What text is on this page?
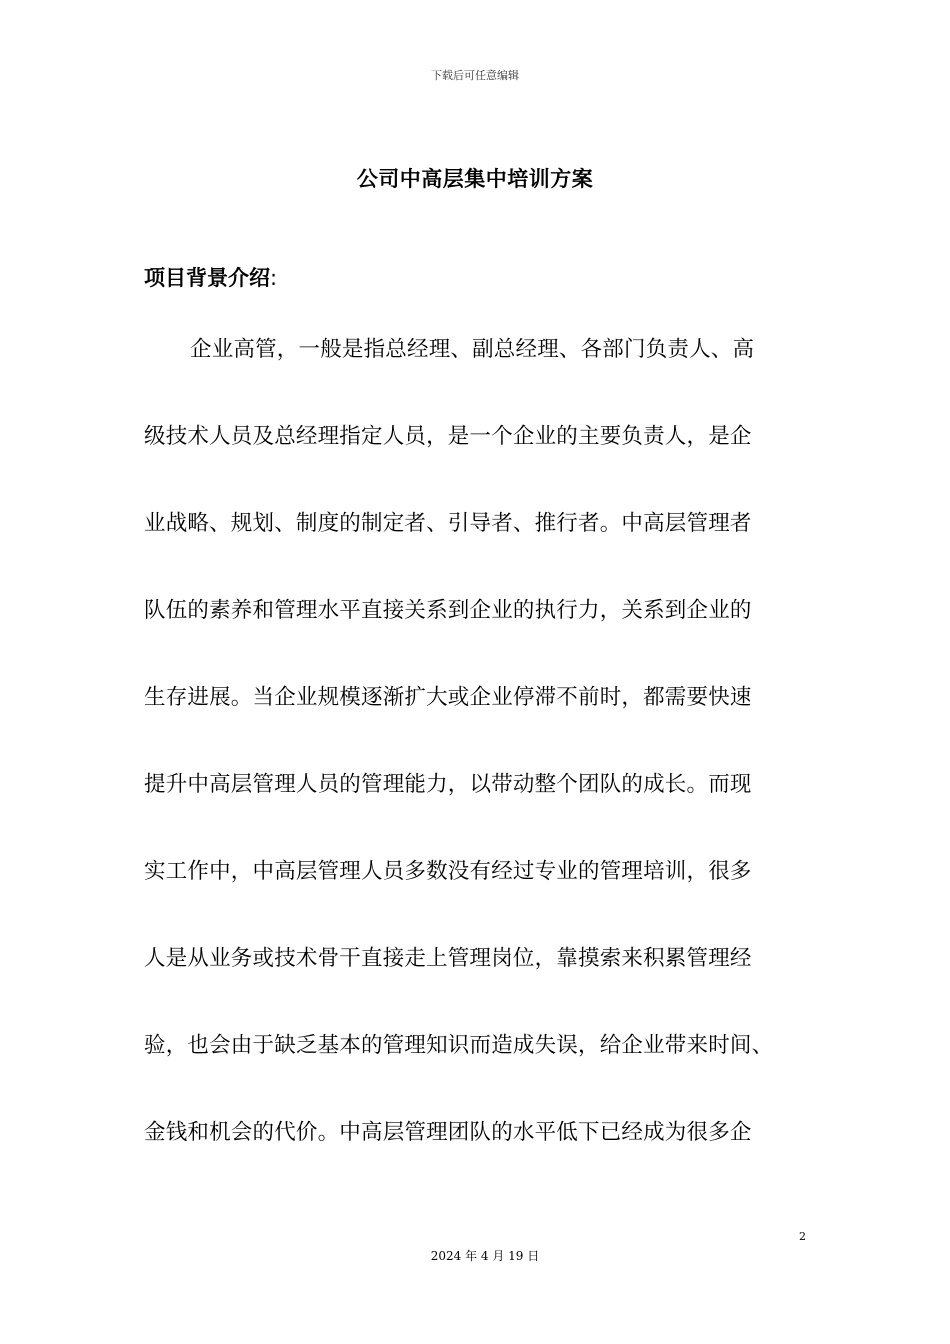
下载后可任意编辑
公司中高层集中培训方案
项目背景介绍:
企业高管，一般是指总经理、副总经理、各部门负责人、高
级技术人员及总经理指定人员，是一个企业的主要负责人，是企
业战略、规划、制度的制定者、引导者、推行者。中高层管理者
队伍的素养和管理水平直接关系到企业的执行力，关系到企业的
生存进展。当企业规模逐渐扩大或企业停滞不前时，都需要快速
提升中高层管理人员的管理能力，以带动整个团队的成长。而现
实工作中，中高层管理人员多数没有经过专业的管理培训，很多
人是从业务或技术骨干直接走上管理岗位，靠摸索来积累管理经
验，也会由于缺乏基本的管理知识而造成失误，给企业带来时间、
金钱和机会的代价。中高层管理团队的水平低下已经成为很多企
2
2024 年 4 月 19 日
